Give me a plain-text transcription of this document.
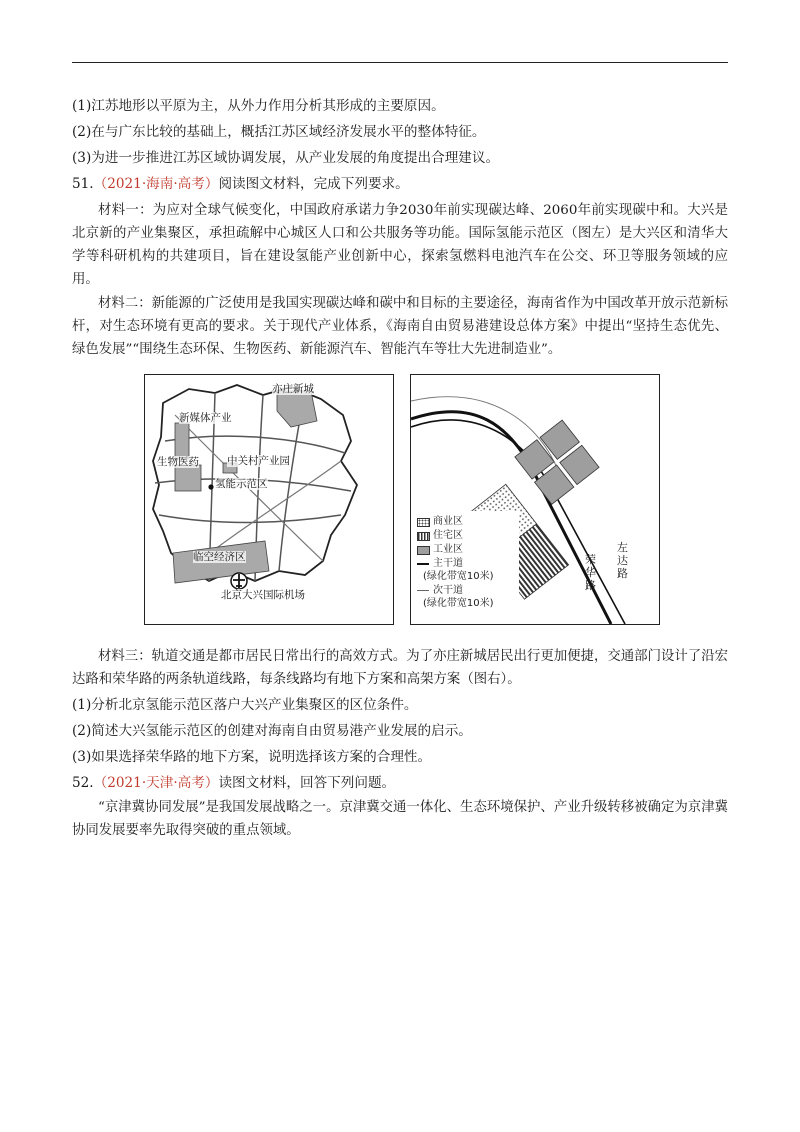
(1)江苏地形以平原为主，从外力作用分析其形成的主要原因。
(2)在与广东比较的基础上，概括江苏区域经济发展水平的整体特征。
(3)为进一步推进江苏区域协调发展，从产业发展的角度提出合理建议。
51.（2021·海南·高考）阅读图文材料，完成下列要求。
材料一：为应对全球气候变化，中国政府承诺力争2030年前实现碳达峰、2060年前实现碳中和。大兴是北京新的产业集聚区，承担疏解中心城区人口和公共服务等功能。国际氢能示范区（图左）是大兴区和清华大学等科研机构的共建项目，旨在建设氢能产业创新中心，探索氢燃料电池汽车在公交、环卫等服务领域的应用。
材料二：新能源的广泛使用是我国实现碳达峰和碳中和目标的主要途径，海南省作为中国改革开放示范新标杆，对生态环境有更高的要求。关于现代产业体系，《海南自由贸易港建设总体方案》中提出“坚持生态优先、绿色发展”“围绕生态环保、生物医药、新能源汽车、智能汽车等壮大先进制造业”。
亦庄新城
新媒体产业
生物医药	中关村产业园
氢能示范区
临空经济区
北京大兴国际机场
商业区
住宅区
工业区
主干道
(绿化带宽10米)
次干道
(绿化带宽10米)
荣华路
左达路
材料三：轨道交通是都市居民日常出行的高效方式。为了亦庄新城居民出行更加便捷，交通部门设计了沿宏达路和荣华路的两条轨道线路，每条线路均有地下方案和高架方案（图右）。
(1)分析北京氢能示范区落户大兴产业集聚区的区位条件。
(2)简述大兴氢能示范区的创建对海南自由贸易港产业发展的启示。
(3)如果选择荣华路的地下方案，说明选择该方案的合理性。
52.（2021·天津·高考）读图文材料，回答下列问题。
“京津冀协同发展”是我国发展战略之一。京津冀交通一体化、生态环境保护、产业升级转移被确定为京津冀协同发展要率先取得突破的重点领域。
